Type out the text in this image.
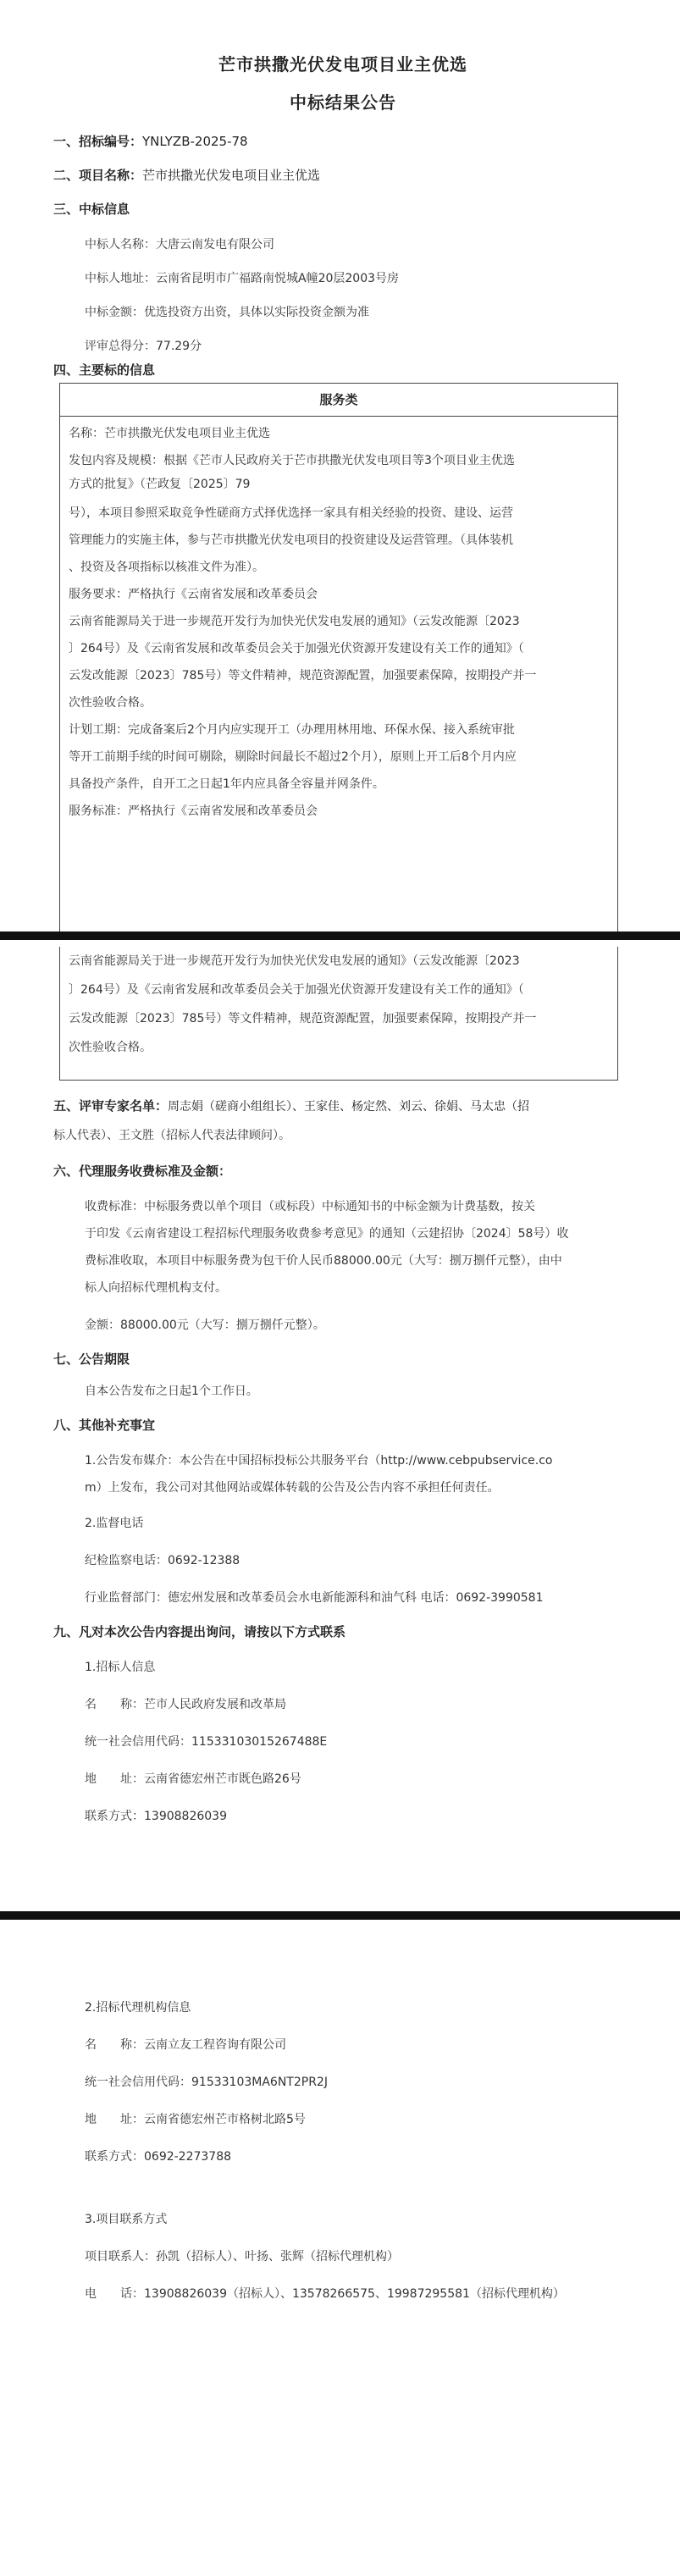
芒市拱撒光伏发电项目业主优选
中标结果公告
一、招标编号：YNLYZB-2025-78
二、项目名称：芒市拱撒光伏发电项目业主优选
三、中标信息
中标人名称：大唐云南发电有限公司
中标人地址：云南省昆明市广福路南悦城A幢20层2003号房
中标金额：优选投资方出资，具体以实际投资金额为准
评审总得分：77.29分
四、主要标的信息
服务类
名称：芒市拱撒光伏发电项目业主优选
发包内容及规模：根据《芒市人民政府关于芒市拱撒光伏发电项目等3个项目业主优选
方式的批复》（芒政复〔2025〕79
号），本项目参照采取竞争性磋商方式择优选择一家具有相关经验的投资、建设、运营
管理能力的实施主体，参与芒市拱撒光伏发电项目的投资建设及运营管理。（具体装机
、投资及各项指标以核准文件为准）。
服务要求：严格执行《云南省发展和改革委员会
云南省能源局关于进一步规范开发行为加快光伏发电发展的通知》（云发改能源〔2023
〕264号）及《云南省发展和改革委员会关于加强光伏资源开发建设有关工作的通知》（
云发改能源〔2023〕785号）等文件精神，规范资源配置，加强要素保障，按期投产并一
次性验收合格。
计划工期：完成备案后2个月内应实现开工（办理用林用地、环保水保、接入系统审批
等开工前期手续的时间可剔除，剔除时间最长不超过2个月），原则上开工后8个月内应
具备投产条件，自开工之日起1年内应具备全容量并网条件。
服务标准：严格执行《云南省发展和改革委员会
云南省能源局关于进一步规范开发行为加快光伏发电发展的通知》（云发改能源〔2023
〕264号）及《云南省发展和改革委员会关于加强光伏资源开发建设有关工作的通知》（
云发改能源〔2023〕785号）等文件精神，规范资源配置，加强要素保障，按期投产并一
次性验收合格。
五、评审专家名单：周志娟（磋商小组组长）、王家佳、杨定然、刘云、徐娟、马太忠（招
标人代表）、王文胜（招标人代表法律顾问）。
六、代理服务收费标准及金额：
收费标准：中标服务费以单个项目（或标段）中标通知书的中标金额为计费基数，按关
于印发《云南省建设工程招标代理服务收费参考意见》的通知（云建招协〔2024〕58号）收
费标准收取，本项目中标服务费为包干价人民币88000.00元（大写：捌万捌仟元整），由中
标人向招标代理机构支付。
金额：88000.00元（大写：捌万捌仟元整）。
七、公告期限
自本公告发布之日起1个工作日。
八、其他补充事宜
1.公告发布媒介：本公告在中国招标投标公共服务平台（http://www.cebpubservice.co
m）上发布，我公司对其他网站或媒体转载的公告及公告内容不承担任何责任。
2.监督电话
纪检监察电话：0692-12388
行业监督部门：德宏州发展和改革委员会水电新能源科和油气科 电话：0692-3990581
九、凡对本次公告内容提出询问，请按以下方式联系
1.招标人信息
名　　称：芒市人民政府发展和改革局
统一社会信用代码：11533103015267488E
地　　址：云南省德宏州芒市既色路26号
联系方式：13908826039
2.招标代理机构信息
名　　称：云南立友工程咨询有限公司
统一社会信用代码：91533103MA6NT2PR2J
地　　址：云南省德宏州芒市格树北路5号
联系方式：0692-2273788
3.项目联系方式
项目联系人：孙凯（招标人）、叶扬、张辉（招标代理机构）
电　　话：13908826039（招标人）、13578266575、19987295581（招标代理机构）
